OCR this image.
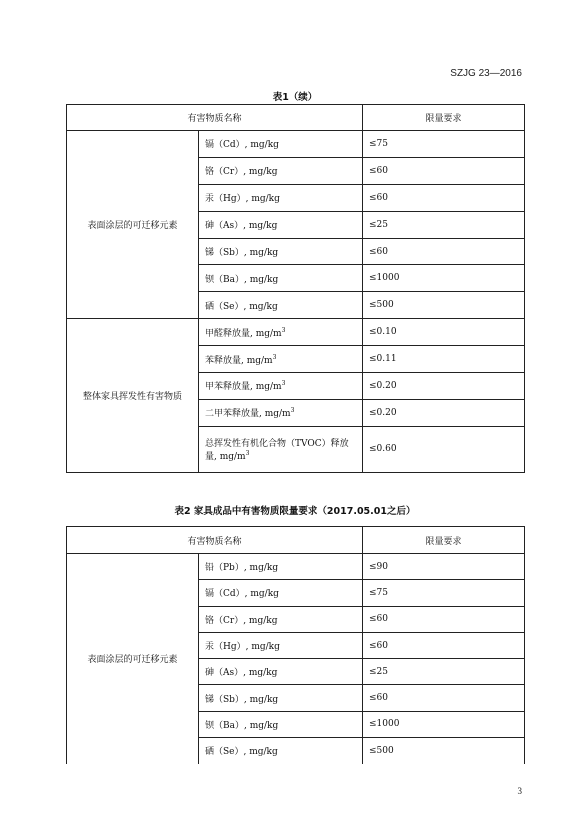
SZJG 23—2016
表1（续）
有害物质名称		限量要求
表面涂层的可迁移元素	镉（Cd）, mg/kg	≤75
	铬（Cr）, mg/kg	≤60
	汞（Hg）, mg/kg	≤60
	砷（As）, mg/kg	≤25
	锑（Sb）, mg/kg	≤60
	钡（Ba）, mg/kg	≤1000
	硒（Se）, mg/kg	≤500
整体家具挥发性有害物质	甲醛释放量, $mg/m^3$	≤0.10
	苯释放量, $mg/m^3$	≤0.11
	甲苯释放量, $mg/m^3$	≤0.20
	二甲苯释放量, $mg/m^3$	≤0.20
	总挥发性有机化合物（TVOC）释放量, $mg/m^3$	≤0.60
表2 家具成品中有害物质限量要求（2017.05.01之后）
有害物质名称		限量要求
表面涂层的可迁移元素	铅（Pb）, mg/kg	≤90
	镉（Cd）, mg/kg	≤75
	铬（Cr）, mg/kg	≤60
	汞（Hg）, mg/kg	≤60
	砷（As）, mg/kg	≤25
	锑（Sb）, mg/kg	≤60
	钡（Ba）, mg/kg	≤1000
	硒（Se）, mg/kg	≤500
3
